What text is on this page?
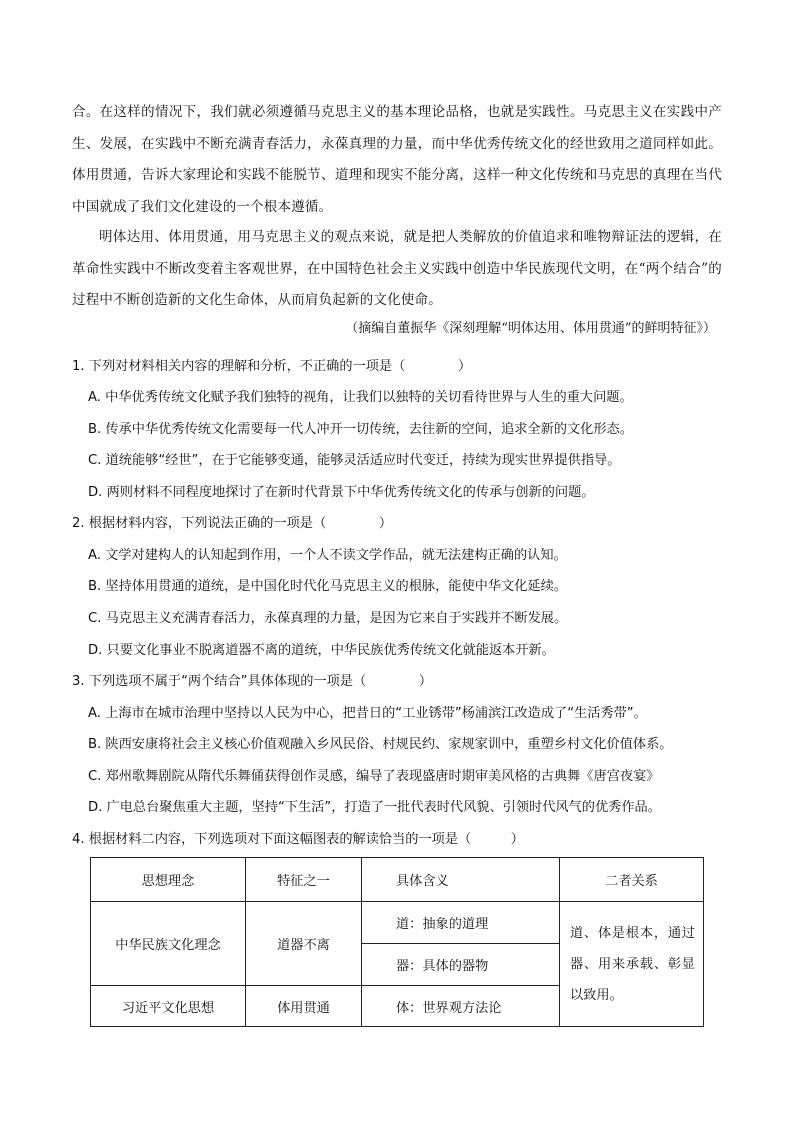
合。在这样的情况下，我们就必须遵循马克思主义的基本理论品格，也就是实践性。马克思主义在实践中产生、发展，在实践中不断充满青春活力，永葆真理的力量，而中华优秀传统文化的经世致用之道同样如此。体用贯通，告诉大家理论和实践不能脱节、道理和现实不能分离，这样一种文化传统和马克思的真理在当代中国就成了我们文化建设的一个根本遵循。
明体达用、体用贯通，用马克思主义的观点来说，就是把人类解放的价值追求和唯物辩证法的逻辑，在革命性实践中不断改变着主客观世界，在中国特色社会主义实践中创造中华民族现代文明，在“两个结合”的过程中不断创造新的文化生命体，从而肩负起新的文化使命。
（摘编自董振华《深刻理解“明体达用、体用贯通”的鲜明特征》）
1. 下列对材料相关内容的理解和分析，不正确的一项是（　　　　）
A. 中华优秀传统文化赋予我们独特的视角，让我们以独特的关切看待世界与人生的重大问题。
B. 传承中华优秀传统文化需要每一代人冲开一切传统，去往新的空间，追求全新的文化形态。
C. 道统能够“经世”，在于它能够变通，能够灵活适应时代变迁，持续为现实世界提供指导。
D. 两则材料不同程度地探讨了在新时代背景下中华优秀传统文化的传承与创新的问题。
2. 根据材料内容，下列说法正确的一项是（　　　　）
A. 文学对建构人的认知起到作用，一个人不读文学作品，就无法建构正确的认知。
B. 坚持体用贯通的道统，是中国化时代化马克思主义的根脉，能使中华文化延续。
C. 马克思主义充满青春活力，永葆真理的力量，是因为它来自于实践并不断发展。
D. 只要文化事业不脱离道器不离的道统，中华民族优秀传统文化就能返本开新。
3. 下列选项不属于“两个结合”具体体现的一项是（　　　　）
A. 上海市在城市治理中坚持以人民为中心，把昔日的“工业锈带”杨浦滨江改造成了“生活秀带”。
B. 陕西安康将社会主义核心价值观融入乡风民俗、村规民约、家规家训中，重塑乡村文化价值体系。
C. 郑州歌舞剧院从隋代乐舞俑获得创作灵感，编导了表现盛唐时期审美风格的古典舞《唐宫夜宴》
D. 广电总台聚焦重大主题，坚持“下生活”，打造了一批代表时代风貌、引领时代风气的优秀作品。
4. 根据材料二内容，下列选项对下面这幅图表的解读恰当的一项是（　　　）
思想理念	特征之一	具体含义	二者关系
中华民族文化理念	道器不离	道：抽象的道理	道、体是根本，通过器、用来承载、彰显以致用。
		器：具体的器物	
习近平文化思想	体用贯通	体：世界观方法论	
